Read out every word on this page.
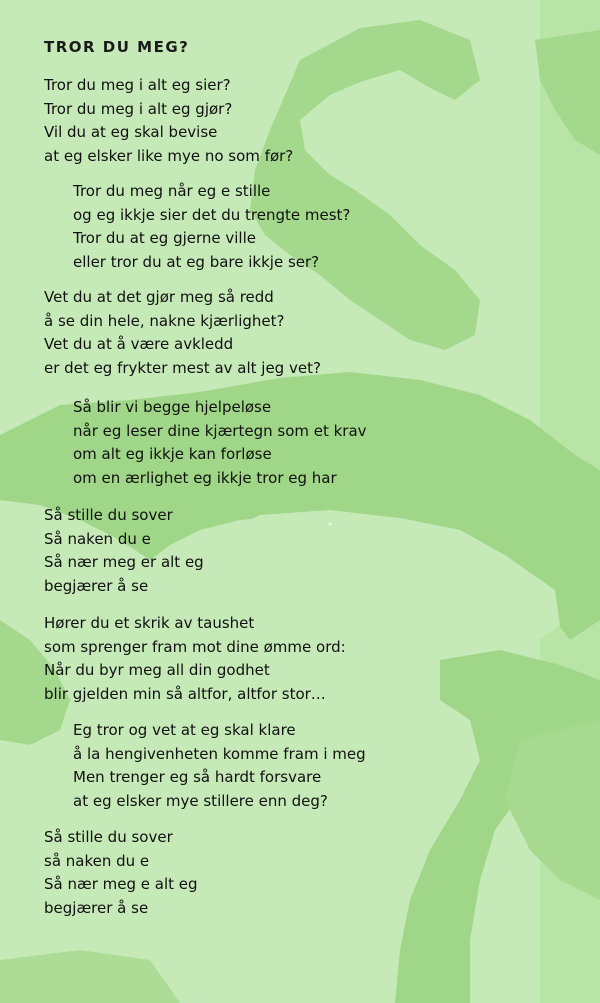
TROR DU MEG?
Tror du meg i alt eg sier?
Tror du meg i alt eg gjør?
Vil du at eg skal bevise
at eg elsker like mye no som før?
Tror du meg når eg e stille
og eg ikkje sier det du trengte mest?
Tror du at eg gjerne ville
eller tror du at eg bare ikkje ser?
Vet du at det gjør meg så redd
å se din hele, nakne kjærlighet?
Vet du at å være avkledd
er det eg frykter mest av alt jeg vet?
Så blir vi begge hjelpeløse
når eg leser dine kjærtegn som et krav
om alt eg ikkje kan forløse
om en ærlighet eg ikkje tror eg har
Så stille du sover
Så naken du e
Så nær meg er alt eg
begjærer å se
Hører du et skrik av taushet
som sprenger fram mot dine ømme ord:
Når du byr meg all din godhet
blir gjelden min så altfor, altfor stor…
Eg tror og vet at eg skal klare
å la hengivenheten komme fram i meg
Men trenger eg så hardt forsvare
at eg elsker mye stillere enn deg?
Så stille du sover
så naken du e
Så nær meg e alt eg
begjærer å se
